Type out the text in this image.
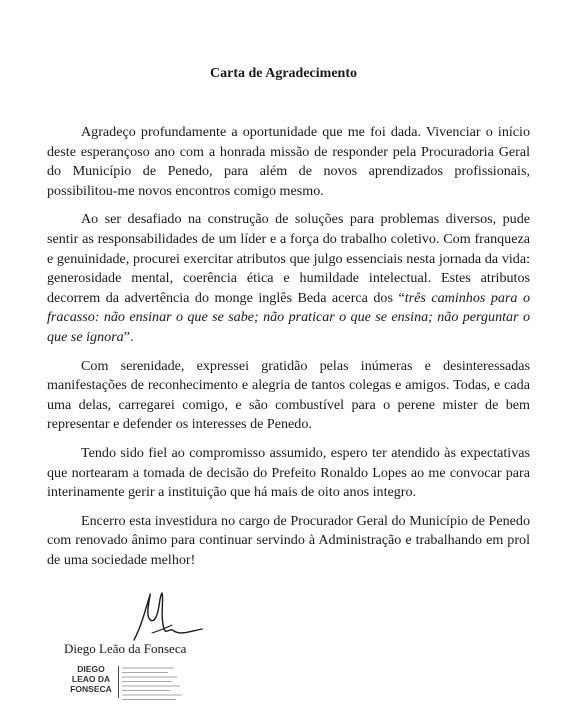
Carta de Agradecimento

Agradeço profundamente a oportunidade que me foi dada. Vivenciar o início deste esperançoso ano com a honrada missão de responder pela Procuradoria Geral do Município de Penedo, para além de novos aprendizados profissionais, possibilitou-me novos encontros comigo mesmo.

Ao ser desafiado na construção de soluções para problemas diversos, pude sentir as responsabilidades de um líder e a força do trabalho coletivo. Com franqueza e genuinidade, procurei exercitar atributos que julgo essenciais nesta jornada da vida: generosidade mental, coerência ética e humildade intelectual. Estes atributos decorrem da advertência do monge inglês Beda acerca dos “três caminhos para o fracasso: não ensinar o que se sabe; não praticar o que se ensina; não perguntar o que se ignora”.

Com serenidade, expressei gratidão pelas inúmeras e desinteressadas manifestações de reconhecimento e alegria de tantos colegas e amigos. Todas, e cada uma delas, carregarei comigo, e são combustível para o perene mister de bem representar e defender os interesses de Penedo.

Tendo sido fiel ao compromisso assumido, espero ter atendido às expectativas que nortearam a tomada de decisão do Prefeito Ronaldo Lopes ao me convocar para interinamente gerir a instituição que há mais de oito anos integro.

Encerro esta investidura no cargo de Procurador Geral do Município de Penedo com renovado ânimo para continuar servindo à Administração e trabalhando em prol de uma sociedade melhor!

Diego Leão da Fonseca
DIEGO
LEAO DA
FONSECA
